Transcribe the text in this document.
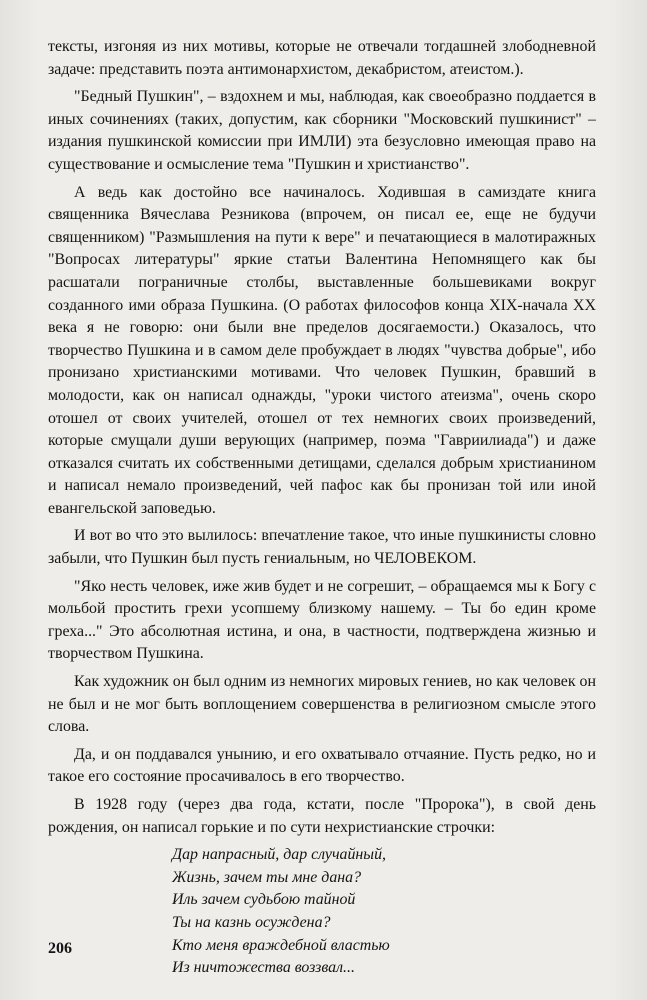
тексты, изгоняя из них мотивы, которые не отвечали тогдашней злободневной задаче: представить поэта антимонархистом, декабристом, атеистом.).

"Бедный Пушкин", – вздохнем и мы, наблюдая, как своеобразно поддается в иных сочинениях (таких, допустим, как сборники "Московский пушкинист" – издания пушкинской комиссии при ИМЛИ) эта безусловно имеющая право на существование и осмысление тема "Пушкин и христианство".

А ведь как достойно все начиналось. Ходившая в самиздате книга священника Вячеслава Резникова (впрочем, он писал ее, еще не будучи священником) "Размышления на пути к вере" и печатающиеся в малотиражных "Вопросах литературы" яркие статьи Валентина Непомнящего как бы расшатали пограничные столбы, выставленные большевиками вокруг созданного ими образа Пушкина. (О работах философов конца XIX-начала XX века я не говорю: они были вне пределов досягаемости.) Оказалось, что творчество Пушкина и в самом деле пробуждает в людях "чувства добрые", ибо пронизано христианскими мотивами. Что человек Пушкин, бравший в молодости, как он написал однажды, "уроки чистого атеизма", очень скоро отошел от своих учителей, отошел от тех немногих своих произведений, которые смущали души верующих (например, поэма "Гавриилиада") и даже отказался считать их собственными детищами, сделался добрым христианином и написал немало произведений, чей пафос как бы пронизан той или иной евангельской заповедью.

И вот во что это вылилось: впечатление такое, что иные пушкинисты словно забыли, что Пушкин был пусть гениальным, но ЧЕЛОВЕКОМ.

"Яко несть человек, иже жив будет и не согрешит, – обращаемся мы к Богу с мольбой простить грехи усопшему близкому нашему. – Ты бо един кроме греха..." Это абсолютная истина, и она, в частности, подтверждена жизнью и творчеством Пушкина.

Как художник он был одним из немногих мировых гениев, но как человек он не был и не мог быть воплощением совершенства в религиозном смысле этого слова.

Да, и он поддавался унынию, и его охватывало отчаяние. Пусть редко, но и такое его состояние просачивалось в его творчество.

В 1928 году (через два года, кстати, после "Пророка"), в свой день рождения, он написал горькие и по сути нехристианские строчки:

Дар напрасный, дар случайный,
Жизнь, зачем ты мне дана?
Иль зачем судьбою тайной
Ты на казнь осуждена?
Кто меня враждебной властью
Из ничтожества воззвал...
206
